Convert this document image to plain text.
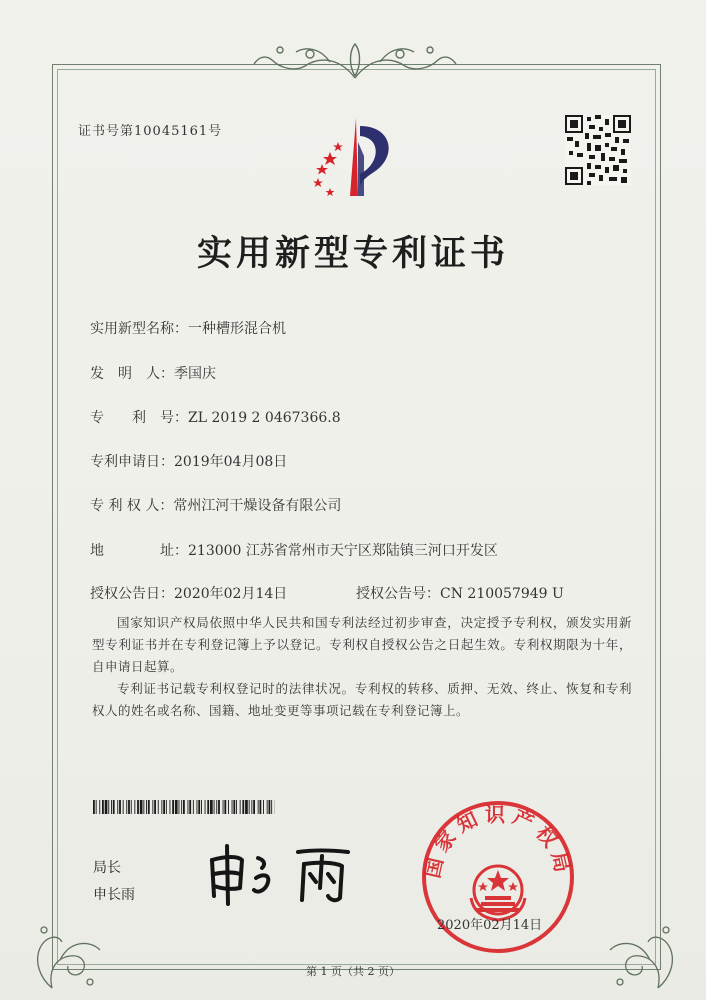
证书号第10045161号
实用新型专利证书
实用新型名称：一种槽形混合机
发　明　人：季国庆
专　　利　号：ZL 2019 2 0467366.8
专利申请日：2019年04月08日
专 利 权 人：常州江河干燥设备有限公司
地　　　　址：213000 江苏省常州市天宁区郑陆镇三河口开发区
授权公告日：2020年02月14日	授权公告号：CN 210057949 U
国家知识产权局依照中华人民共和国专利法经过初步审查，决定授予专利权，颁发实用新型专利证书并在专利登记簿上予以登记。专利权自授权公告之日起生效。专利权期限为十年，自申请日起算。
专利证书记载专利权登记时的法律状况。专利权的转移、质押、无效、终止、恢复和专利权人的姓名或名称、国籍、地址变更等事项记载在专利登记簿上。
局长
申长雨
国家知识产权局
2020年02月14日
第 1 页（共 2 页）
